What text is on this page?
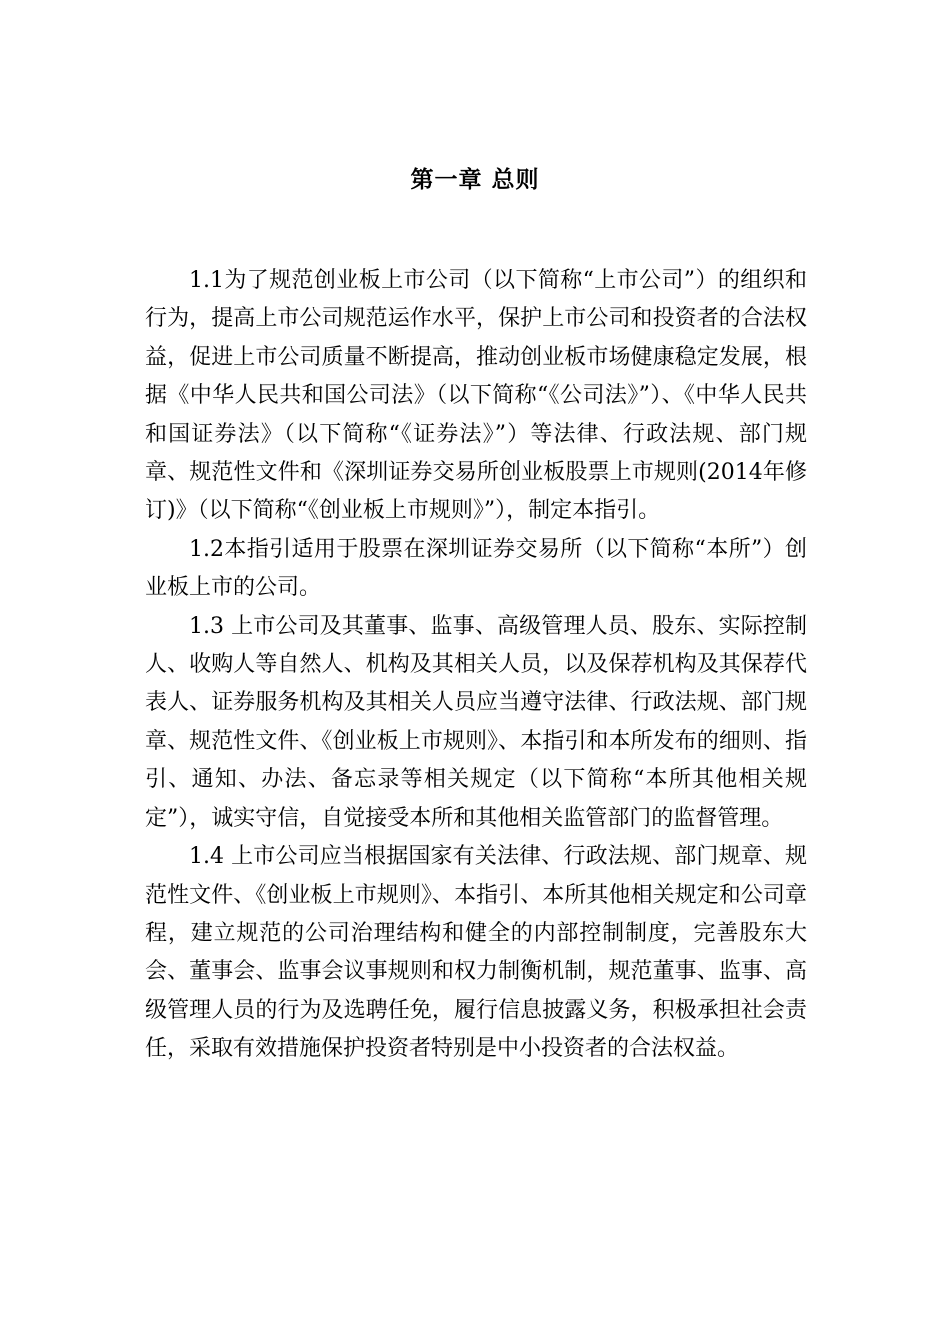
第一章 总则

1.1为了规范创业板上市公司（以下简称“上市公司”）的组织和行为，提高上市公司规范运作水平，保护上市公司和投资者的合法权益，促进上市公司质量不断提高，推动创业板市场健康稳定发展，根据《中华人民共和国公司法》（以下简称“《公司法》”）、《中华人民共和国证券法》（以下简称“《证券法》”）等法律、行政法规、部门规章、规范性文件和《深圳证券交易所创业板股票上市规则(2014年修订)》（以下简称“《创业板上市规则》”），制定本指引。

1.2本指引适用于股票在深圳证券交易所（以下简称“本所”）创业板上市的公司。

1.3 上市公司及其董事、监事、高级管理人员、股东、实际控制人、收购人等自然人、机构及其相关人员，以及保荐机构及其保荐代表人、证券服务机构及其相关人员应当遵守法律、行政法规、部门规章、规范性文件、《创业板上市规则》、本指引和本所发布的细则、指引、通知、办法、备忘录等相关规定（以下简称“本所其他相关规定”），诚实守信，自觉接受本所和其他相关监管部门的监督管理。

1.4 上市公司应当根据国家有关法律、行政法规、部门规章、规范性文件、《创业板上市规则》、本指引、本所其他相关规定和公司章程，建立规范的公司治理结构和健全的内部控制制度，完善股东大会、董事会、监事会议事规则和权力制衡机制，规范董事、监事、高级管理人员的行为及选聘任免，履行信息披露义务，积极承担社会责任，采取有效措施保护投资者特别是中小投资者的合法权益。
